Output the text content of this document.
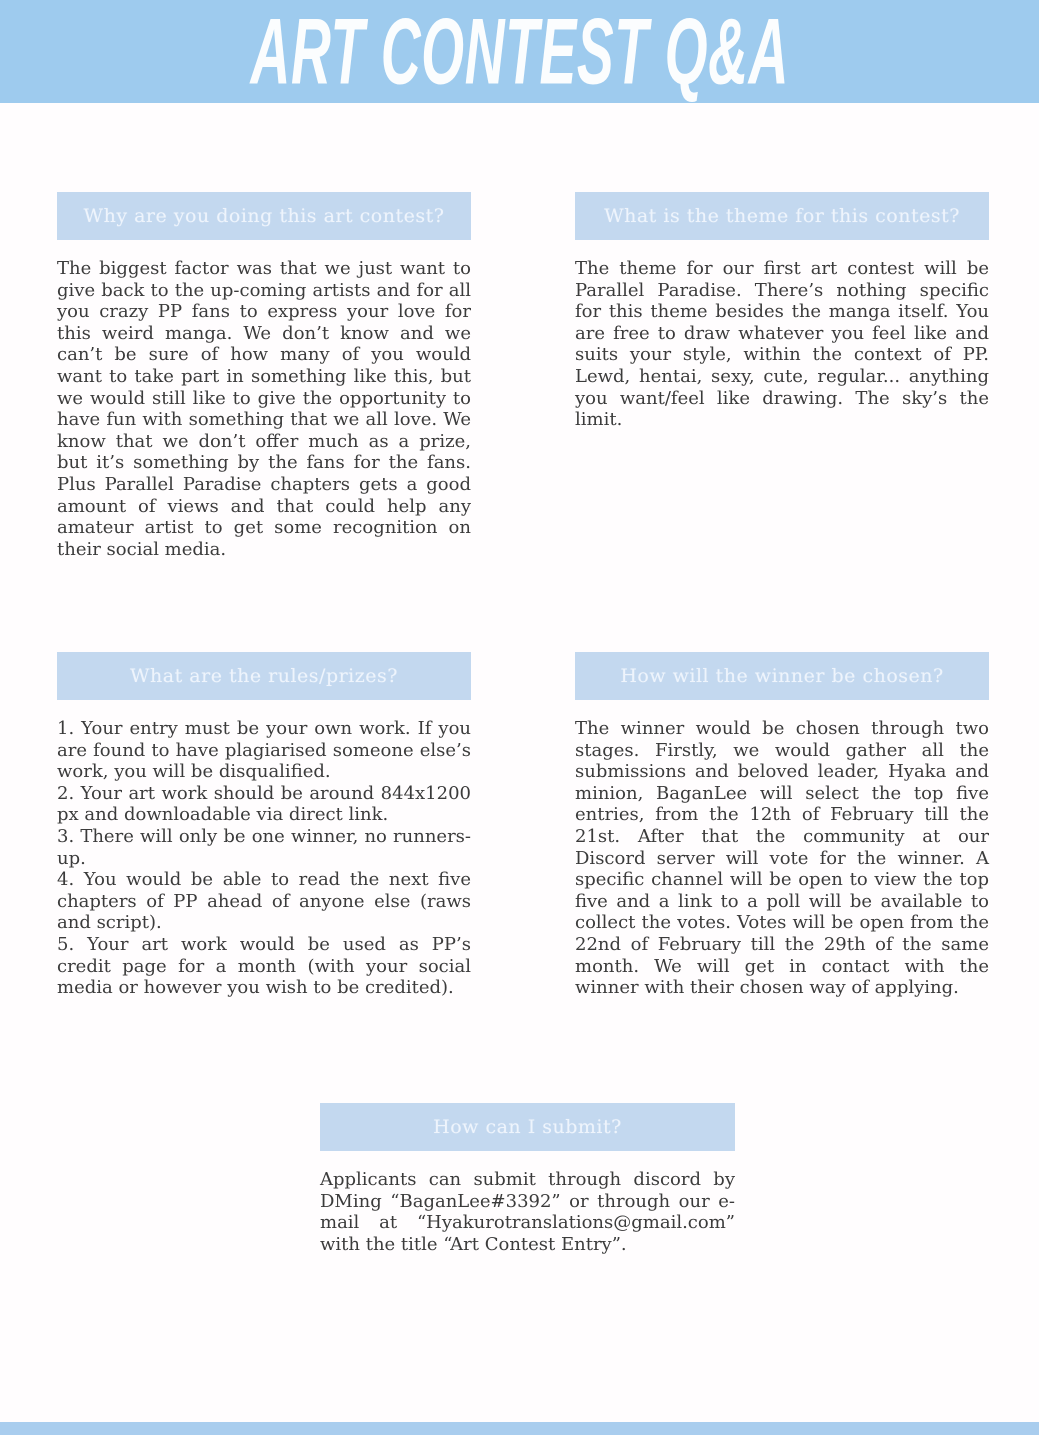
ART CONTEST Q&A
Why are you doing this art contest?

The biggest factor was that we just want to give back to the up-coming artists and for all you crazy PP fans to express your love for this weird manga. We don’t know and we can’t be sure of how many of you would want to take part in something like this, but we would still like to give the opportunity to have fun with something that we all love. We know that we don’t offer much as a prize, but it’s something by the fans for the fans. Plus Parallel Paradise chapters gets a good amount of views and that could help any amateur artist to get some recognition on their social media.

What is the theme for this contest?

The theme for our first art contest will be Parallel Paradise. There’s nothing specific for this theme besides the manga itself. You are free to draw whatever you feel like and suits your style, within the context of PP. Lewd, hentai, sexy, cute, regular... anything you want/feel like drawing. The sky’s the limit.

What are the rules/prizes?

1. Your entry must be your own work. If you are found to have plagiarised someone else’s work, you will be disqualified.

2. Your art work should be around 844x1200 px and downloadable via direct link.

3. There will only be one winner, no runners-up.

4. You would be able to read the next five chapters of PP ahead of anyone else (raws and script).

5. Your art work would be used as PP’s credit page for a month (with your social media or however you wish to be credited).

How will the winner be chosen?

The winner would be chosen through two stages. Firstly, we would gather all the submissions and beloved leader, Hyaka and minion, BaganLee will select the top five entries, from the 12th of February till the 21st. After that the community at our Discord server will vote for the winner. A specific channel will be open to view the top five and a link to a poll will be available to collect the votes. Votes will be open from the 22nd of February till the 29th of the same month. We will get in contact with the winner with their chosen way of applying.

How can I submit?

Applicants can submit through discord by DMing “BaganLee#3392” or through our e-mail at “Hyakurotranslations@gmail.com” with the title “Art Contest Entry”.
